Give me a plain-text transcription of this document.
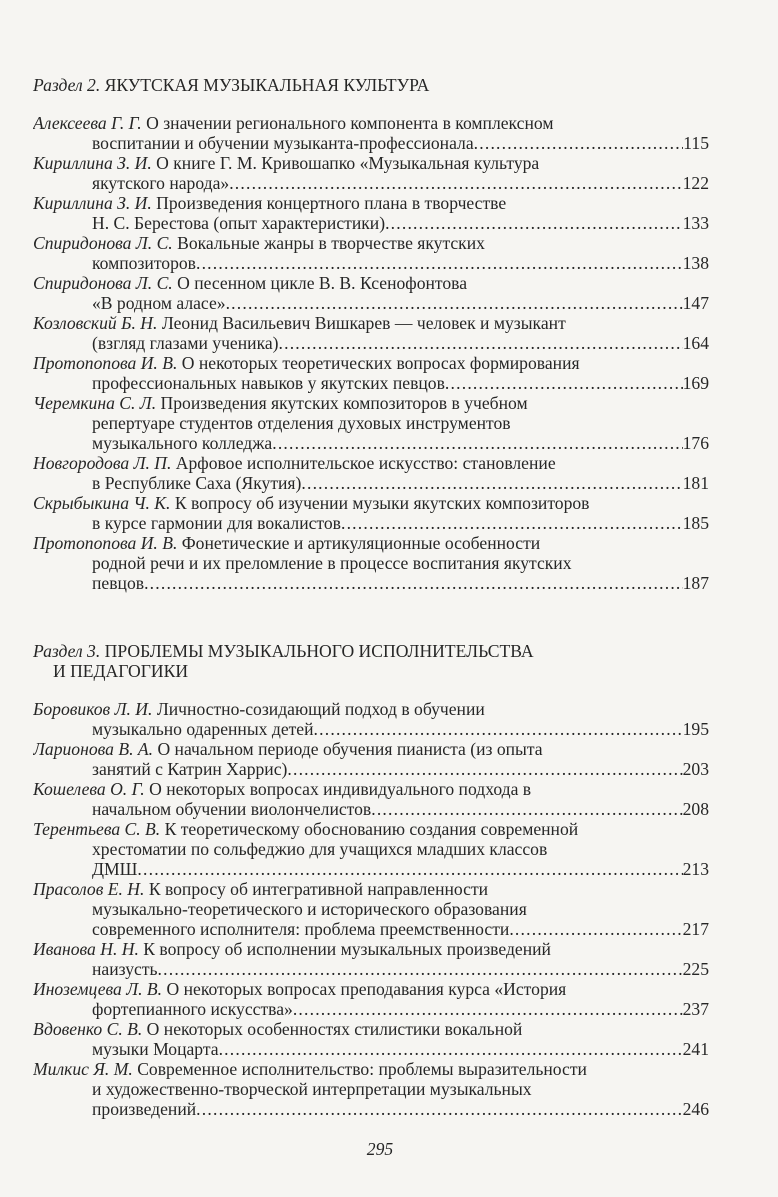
Раздел 2. ЯКУТСКАЯ МУЗЫКАЛЬНАЯ КУЛЬТУРА
Алексеева Г. Г. О значении регионального компонента в комплексном
воспитании и обучении музыканта-профессионала .....	115
Кириллина З. И. О книге Г. М. Кривошапко «Музыкальная культура
якутского народа» .....	122
Кириллина З. И. Произведения концертного плана в творчестве
Н. С. Берестова (опыт характеристики) .....	133
Спиридонова Л. С. Вокальные жанры в творчестве якутских
композиторов .....	138
Спиридонова Л. С. О песенном цикле В. В. Ксенофонтова
«В родном аласе» .....	147
Козловский Б. Н. Леонид Васильевич Вишкарев — человек и музыкант
(взгляд глазами ученика) .....	164
Протопопова И. В. О некоторых теоретических вопросах формирования
профессиональных навыков у якутских певцов .....	169
Черемкина С. Л. Произведения якутских композиторов в учебном
репертуаре студентов отделения духовых инструментов
музыкального колледжа .....	176
Новгородова Л. П. Арфовое исполнительское искусство: становление
в Республике Саха (Якутия) .....	181
Скрыбыкина Ч. К. К вопросу об изучении музыки якутских композиторов
в курсе гармонии для вокалистов .....	185
Протопопова И. В. Фонетические и артикуляционные особенности
родной речи и их преломление в процессе воспитания якутских
певцов .....	187
Раздел 3. ПРОБЛЕМЫ МУЗЫКАЛЬНОГО ИСПОЛНИТЕЛЬСТВА
И ПЕДАГОГИКИ
Боровиков Л. И. Личностно-созидающий подход в обучении
музыкально одаренных детей .....	195
Ларионова В. А. О начальном периоде обучения пианиста (из опыта
занятий с Катрин Харрис) .....	203
Кошелева О. Г. О некоторых вопросах индивидуального подхода в
начальном обучении виолончелистов .....	208
Терентьева С. В. К теоретическому обоснованию создания современной
хрестоматии по сольфеджио для учащихся младших классов
ДМШ .....	213
Прасолов Е. Н. К вопросу об интегративной направленности
музыкально-теоретического и исторического образования
современного исполнителя: проблема преемственности .....	217
Иванова Н. Н. К вопросу об исполнении музыкальных произведений
наизусть .....	225
Иноземцева Л. В. О некоторых вопросах преподавания курса «История
фортепианного искусства» .....	237
Вдовенко С. В. О некоторых особенностях стилистики вокальной
музыки Моцарта .....	241
Милкис Я. М. Современное исполнительство: проблемы выразительности
и художественно-творческой интерпретации музыкальных
произведений .....	246
295
